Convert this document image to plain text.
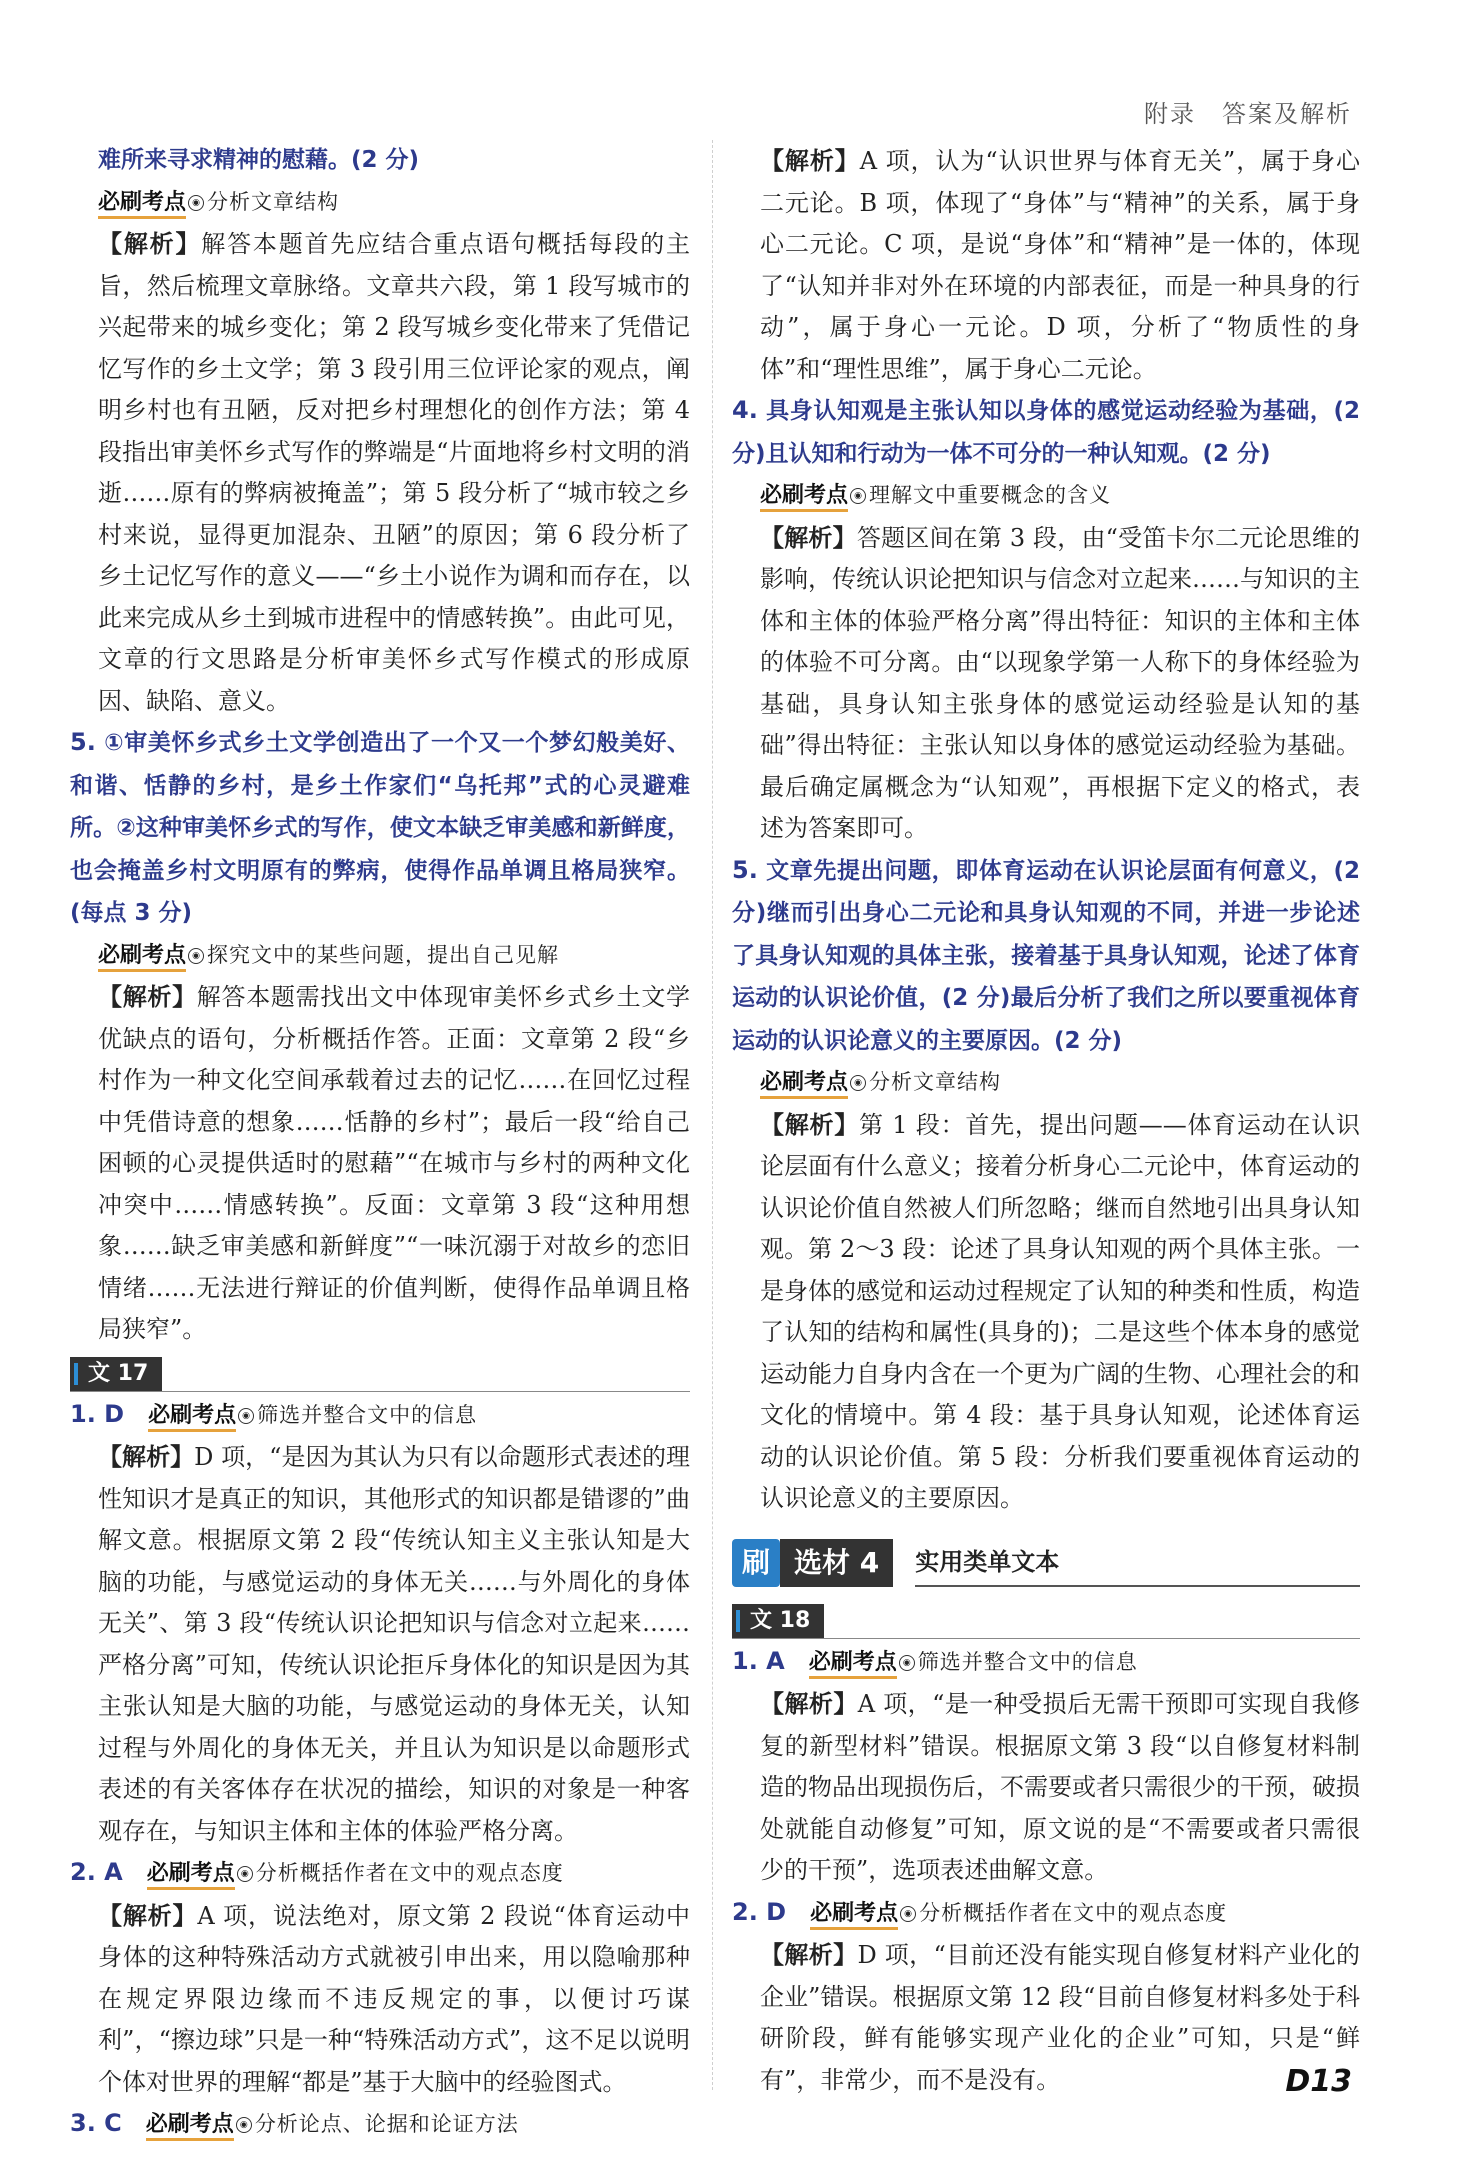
附录　答案及解析

难所来寻求精神的慰藉。(2 分)

必刷考点 ◉ 分析文章结构

【解析】解答本题首先应结合重点语句概括每段的主旨，然后梳理文章脉络。文章共六段，第 1 段写城市的兴起带来的城乡变化；第 2 段写城乡变化带来了凭借记忆写作的乡土文学；第 3 段引用三位评论家的观点，阐明乡村也有丑陋，反对把乡村理想化的创作方法；第 4 段指出审美怀乡式写作的弊端是“片面地将乡村文明的消逝……原有的弊病被掩盖”；第 5 段分析了“城市较之乡村来说，显得更加混杂、丑陋”的原因；第 6 段分析了乡土记忆写作的意义——“乡土小说作为调和而存在，以此来完成从乡土到城市进程中的情感转换”。由此可见，文章的行文思路是分析审美怀乡式写作模式的形成原因、缺陷、意义。

5. ①审美怀乡式乡土文学创造出了一个又一个梦幻般美好、和谐、恬静的乡村，是乡土作家们“乌托邦”式的心灵避难所。②这种审美怀乡式的写作，使文本缺乏审美感和新鲜度，也会掩盖乡村文明原有的弊病，使得作品单调且格局狭窄。(每点 3 分)

必刷考点 ◉ 探究文中的某些问题，提出自己见解

【解析】解答本题需找出文中体现审美怀乡式乡土文学优缺点的语句，分析概括作答。正面：文章第 2 段“乡村作为一种文化空间承载着过去的记忆……在回忆过程中凭借诗意的想象……恬静的乡村”；最后一段“给自己困顿的心灵提供适时的慰藉”“在城市与乡村的两种文化冲突中……情感转换”。反面：文章第 3 段“这种用想象……缺乏审美感和新鲜度”“一味沉溺于对故乡的恋旧情绪……无法进行辩证的价值判断，使得作品单调且格局狭窄”。

文 17

1. D　 必刷考点 ◉ 筛选并整合文中的信息

【解析】D 项，“是因为其认为只有以命题形式表述的理性知识才是真正的知识，其他形式的知识都是错谬的”曲解文意。根据原文第 2 段“传统认知主义主张认知是大脑的功能，与感觉运动的身体无关……与外周化的身体无关”、第 3 段“传统认识论把知识与信念对立起来……严格分离”可知，传统认识论拒斥身体化的知识是因为其主张认知是大脑的功能，与感觉运动的身体无关，认知过程与外周化的身体无关，并且认为知识是以命题形式表述的有关客体存在状况的描绘，知识的对象是一种客观存在，与知识主体和主体的体验严格分离。

2. A　 必刷考点 ◉ 分析概括作者在文中的观点态度

【解析】A 项，说法绝对，原文第 2 段说“体育运动中身体的这种特殊活动方式就被引申出来，用以隐喻那种在规定界限边缘而不违反规定的事，以便讨巧谋利”，“擦边球”只是一种“特殊活动方式”，这不足以说明个体对世界的理解“都是”基于大脑中的经验图式。

3. C　 必刷考点 ◉ 分析论点、论据和论证方法

【解析】A 项，认为“认识世界与体育无关”，属于身心二元论。B 项，体现了“身体”与“精神”的关系，属于身心二元论。C 项，是说“身体”和“精神”是一体的，体现了“认知并非对外在环境的内部表征，而是一种具身的行动”，属于身心一元论。D 项，分析了“物质性的身体”和“理性思维”，属于身心二元论。

4. 具身认知观是主张认知以身体的感觉运动经验为基础，(2 分)且认知和行动为一体不可分的一种认知观。(2 分)

必刷考点 ◉ 理解文中重要概念的含义

【解析】答题区间在第 3 段，由“受笛卡尔二元论思维的影响，传统认识论把知识与信念对立起来……与知识的主体和主体的体验严格分离”得出特征：知识的主体和主体的体验不可分离。由“以现象学第一人称下的身体经验为基础，具身认知主张身体的感觉运动经验是认知的基础”得出特征：主张认知以身体的感觉运动经验为基础。最后确定属概念为“认知观”，再根据下定义的格式，表述为答案即可。

5. 文章先提出问题，即体育运动在认识论层面有何意义，(2 分)继而引出身心二元论和具身认知观的不同，并进一步论述了具身认知观的具体主张，接着基于具身认知观，论述了体育运动的认识论价值，(2 分)最后分析了我们之所以要重视体育运动的认识论意义的主要原因。(2 分)

必刷考点 ◉ 分析文章结构

【解析】第 1 段：首先，提出问题——体育运动在认识论层面有什么意义；接着分析身心二元论中，体育运动的认识论价值自然被人们所忽略；继而自然地引出具身认知观。第 2～3 段：论述了具身认知观的两个具体主张。一是身体的感觉和运动过程规定了认知的种类和性质，构造了认知的结构和属性(具身的)；二是这些个体本身的感觉运动能力自身内含在一个更为广阔的生物、心理社会的和文化的情境中。第 4 段：基于具身认知观，论述体育运动的认识论价值。第 5 段：分析我们要重视体育运动的认识论意义的主要原因。

刷 选材 4	实用类单文本
文 18

1. A　 必刷考点 ◉ 筛选并整合文中的信息

【解析】A 项，“是一种受损后无需干预即可实现自我修复的新型材料”错误。根据原文第 3 段“以自修复材料制造的物品出现损伤后，不需要或者只需很少的干预，破损处就能自动修复”可知，原文说的是“不需要或者只需很少的干预”，选项表述曲解文意。

2. D　 必刷考点 ◉ 分析概括作者在文中的观点态度

【解析】D 项，“目前还没有能实现自修复材料产业化的企业”错误。根据原文第 12 段“目前自修复材料多处于科研阶段，鲜有能够实现产业化的企业”可知，只是“鲜有”，非常少，而不是没有。	D13
